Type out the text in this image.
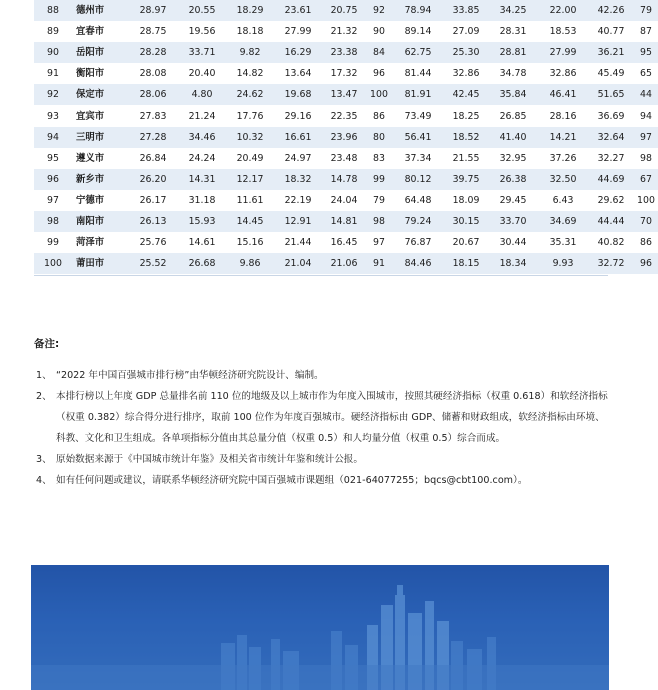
88	德州市	28.97	20.55	18.29	23.61	20.75	92	78.94	33.85	34.25	22.00	42.26	79
89	宜春市	28.75	19.56	18.18	27.99	21.32	90	89.14	27.09	28.31	18.53	40.77	87
90	岳阳市	28.28	33.71	9.82	16.29	23.38	84	62.75	25.30	28.81	27.99	36.21	95
91	衡阳市	28.08	20.40	14.82	13.64	17.32	96	81.44	32.86	34.78	32.86	45.49	65
92	保定市	28.06	4.80	24.62	19.68	13.47	100	81.91	42.45	35.84	46.41	51.65	44
93	宜宾市	27.83	21.24	17.76	29.16	22.35	86	73.49	18.25	26.85	28.16	36.69	94
94	三明市	27.28	34.46	10.32	16.61	23.96	80	56.41	18.52	41.40	14.21	32.64	97
95	遵义市	26.84	24.24	20.49	24.97	23.48	83	37.34	21.55	32.95	37.26	32.27	98
96	新乡市	26.20	14.31	12.17	18.32	14.78	99	80.12	39.75	26.38	32.50	44.69	67
97	宁德市	26.17	31.18	11.61	22.19	24.04	79	64.48	18.09	29.45	6.43	29.62	100
98	南阳市	26.13	15.93	14.45	12.91	14.81	98	79.24	30.15	33.70	34.69	44.44	70
99	菏泽市	25.76	14.61	15.16	21.44	16.45	97	76.87	20.67	30.44	35.31	40.82	86
100	莆田市	25.52	26.68	9.86	21.04	21.06	91	84.46	18.15	18.34	9.93	32.72	96
备注:
1、 “2022 年中国百强城市排行榜”由华顿经济研究院设计、编制。
2、 本排行榜以上年度 GDP 总量排名前 110 位的地级及以上城市作为年度入围城市，按照其硬经济指标（权重 0.618）和软经济指标（权重 0.382）综合得分进行排序，取前 100 位作为年度百强城市。硬经济指标由 GDP、储蓄和财政组成，软经济指标由环境、科教、文化和卫生组成。各单项指标分值由其总量分值（权重 0.5）和人均量分值（权重 0.5）综合而成。
3、 原始数据来源于《中国城市统计年鉴》及相关省市统计年鉴和统计公报。
4、 如有任何问题或建议，请联系华顿经济研究院中国百强城市课题组（021-64077255；bqcs@cbt100.com）。
